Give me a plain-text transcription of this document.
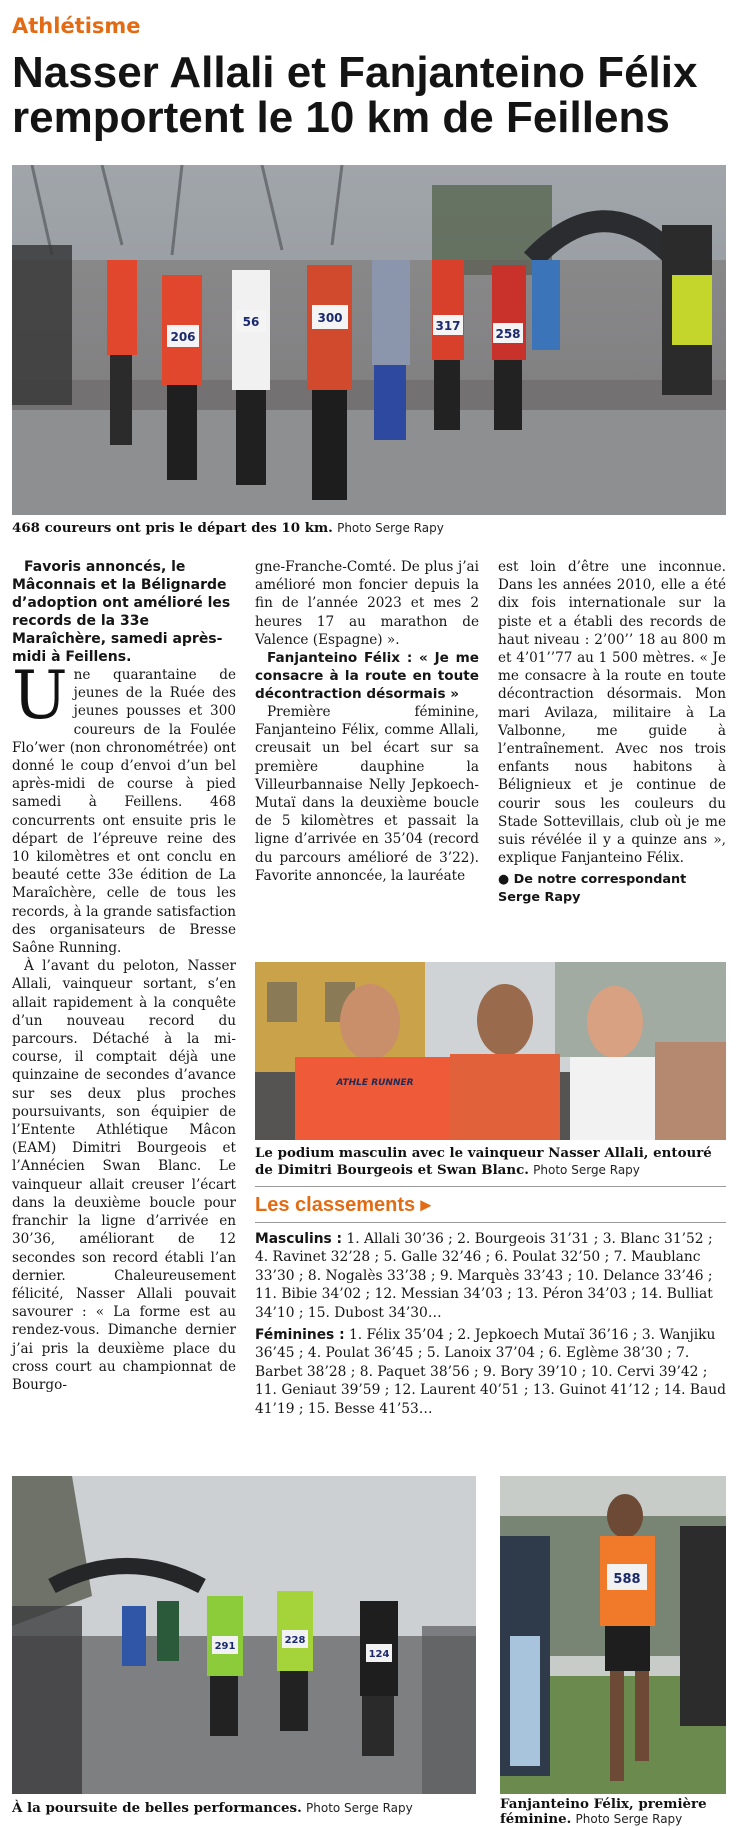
Athlétisme
Nasser Allali et Fanjanteino Félix remportent le 10 km de Feillens
300
206
56	317
258
468 coureurs ont pris le départ des 10 km. Photo Serge Rapy

Favoris annoncés, le Mâconnais et la Bélignarde d’adoption ont amélioré les records de la 33e Maraîchère, samedi après-midi à Feillens.

Une quarantaine de jeunes de la Ruée des jeunes pousses et 300 coureurs de la Foulée Flo’wer (non chronométrée) ont donné le coup d’envoi d’un bel après-midi de course à pied samedi à Feillens. 468 concurrents ont ensuite pris le départ de l’épreuve reine des 10 kilomètres et ont conclu en beauté cette 33e édition de La Maraîchère, celle de tous les records, à la grande satisfaction des organisateurs de Bresse Saône Running.

À l’avant du peloton, Nasser Allali, vainqueur sortant, s’en allait rapidement à la conquête d’un nouveau record du parcours. Détaché à la mi-course, il comptait déjà une quinzaine de secondes d’avance sur ses deux plus proches poursuivants, son équipier de l’Entente Athlétique Mâcon (EAM) Dimitri Bourgeois et l’Annécien Swan Blanc. Le vainqueur allait creuser l’écart dans la deuxième boucle pour franchir la ligne d’arrivée en 30’36, améliorant de 12 secondes son record établi l’an dernier. Chaleureusement félicité, Nasser Allali pouvait savourer : « La forme est au rendez-vous. Dimanche dernier j’ai pris la deuxième place du cross court au championnat de Bourgo-

gne-Franche-Comté. De plus j’ai amélioré mon foncier depuis la fin de l’année 2023 et mes 2 heures 17 au marathon de Valence (Espagne) ».

Fanjanteino Félix : « Je me consacre à la route en toute décontraction désormais »

Première féminine, Fanjanteino Félix, comme Allali, creusait un bel écart sur sa première dauphine la Villeurbannaise Nelly Jepkoech-Mutaï dans la deuxième boucle de 5 kilomètres et passait la ligne d’arrivée en 35’04 (record du parcours amélioré de 3’22). Favorite annoncée, la lauréate

est loin d’être une inconnue. Dans les années 2010, elle a été dix fois internationale sur la piste et a établi des records de haut niveau : 2’00’’ 18 au 800 m et 4’01’’77 au 1 500 mètres. « Je me consacre à la route en toute décontraction désormais. Mon mari Avilaza, militaire à La Valbonne, me guide à l’entraînement. Avec nos trois enfants nous habitons à Bélignieux et je continue de courir sous les couleurs du Stade Sottevillais, club où je me suis révélée il y a quinze ans », explique Fanjanteino Félix.

● De notre correspondant
Serge Rapy
ATHLE RUNNER
Le podium masculin avec le vainqueur Nasser Allali, entouré de Dimitri Bourgeois et Swan Blanc. Photo Serge Rapy
Les classements ▸

Masculins : 1. Allali 30’36 ; 2. Bourgeois 31’31 ; 3. Blanc 31’52 ; 4. Ravinet 32’28 ; 5. Galle 32’46 ; 6. Poulat 32’50 ; 7. Maublanc 33’30 ; 8. Nogalès 33’38 ; 9. Marquès 33’43 ; 10. Delance 33’46 ; 11. Bibie 34’02 ; 12. Messian 34’03 ; 13. Péron 34’03 ; 14. Bulliat 34’10 ; 15. Dubost 34’30…

Féminines : 1. Félix 35’04 ; 2. Jepkoech Mutaï 36’16 ; 3. Wanjiku 36’45 ; 4. Poulat 36’45 ; 5. Lanoix 37’04 ; 6. Eglème 38’30 ; 7. Barbet 38’28 ; 8. Paquet 38’56 ; 9. Bory 39’10 ; 10. Cervi 39’42 ; 11. Geniaut 39’59 ; 12. Laurent 40’51 ; 13. Guinot 41’12 ; 14. Baud 41’19 ; 15. Besse 41’53…

291
228
124
À la poursuite de belles performances. Photo Serge Rapy
588
Fanjanteino Félix, première féminine. Photo Serge Rapy
